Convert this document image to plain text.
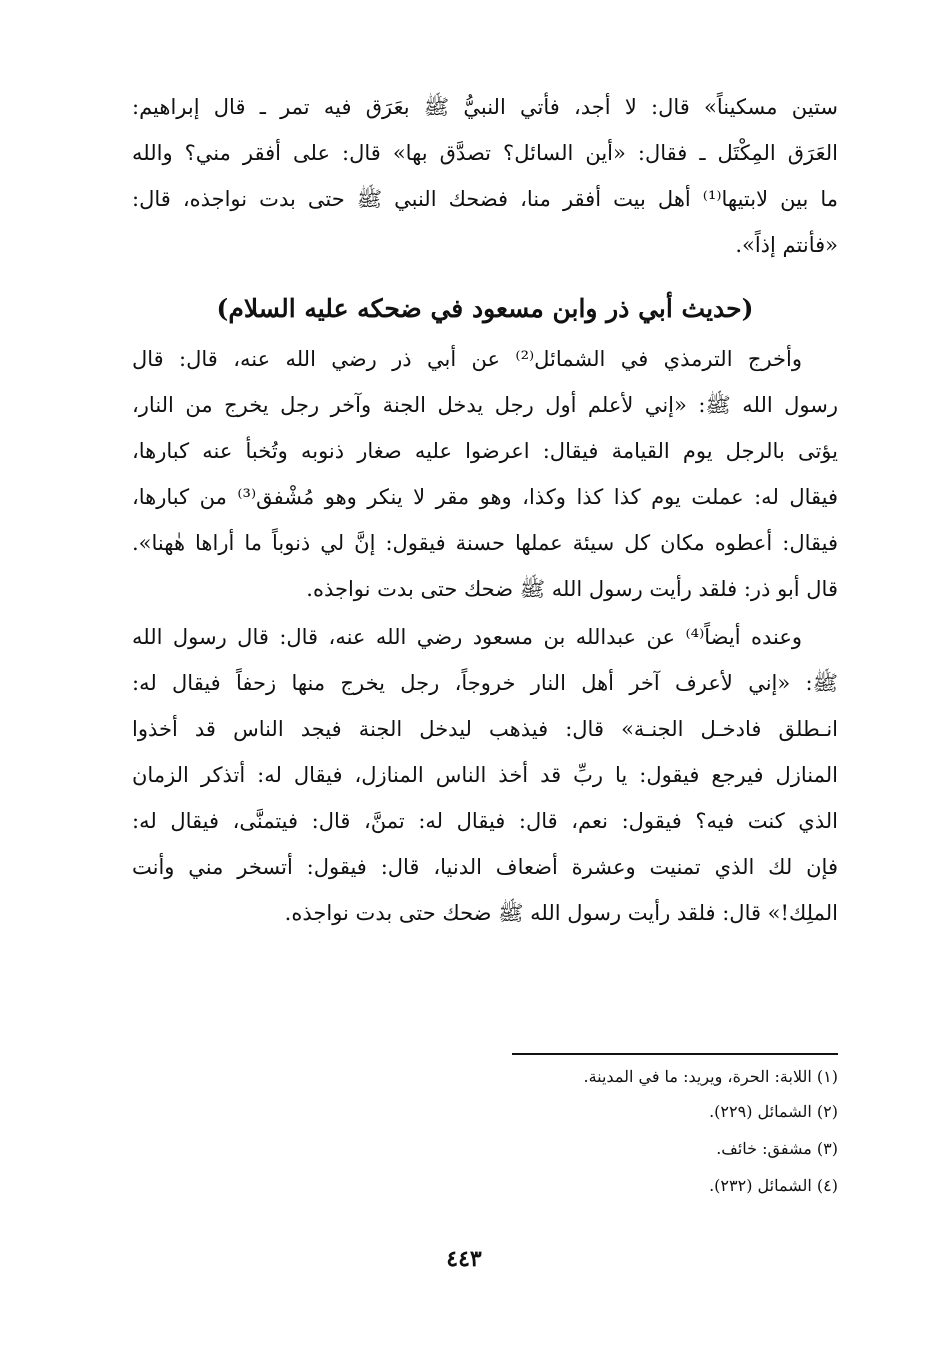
ستين مسكيناً» قال: لا أجد، فأُتي النبيُّ ﷺ بعَرَق فيه تمر ـ قال إبراهيم:
العَرَق المِكْتَل ـ فقال: «أين السائل؟ تصدَّق بها» قال: على أفقر مني؟ والله
ما بين لابتيها⁽¹⁾ أهل بيت أفقر منا، فضحك النبي ﷺ حتى بدت نواجذه، قال:
«فأنتم إذاً».
(حديث أبي ذر وابن مسعود في ضحكه عليه السلام)
وأخرج الترمذي في الشمائل⁽²⁾ عن أبي ذر رضي الله عنه، قال: قال
رسول الله ﷺ: «إني لأعلم أول رجل يدخل الجنة وآخر رجل يخرج من النار،
يؤتى بالرجل يوم القيامة فيقال: اعرضوا عليه صغار ذنوبه وتُخبأ عنه كبارها،
فيقال له: عملت يوم كذا كذا وكذا، وهو مقر لا ينكر وهو مُشْفق⁽³⁾ من كبارها،
فيقال: أعطوه مكان كل سيئة عملها حسنة فيقول: إنَّ لي ذنوباً ما أراها هٰهنا».
قال أبو ذر: فلقد رأيت رسول الله ﷺ ضحك حتى بدت نواجذه.
وعنده أيضاً⁽⁴⁾ عن عبدالله بن مسعود رضي الله عنه، قال: قال رسول الله
ﷺ: «إني لأعرف آخر أهل النار خروجاً، رجل يخرج منها زحفاً فيقال له:
انـطلق فادخـل الجنـة» قال: فيذهب ليدخل الجنة فيجد الناس قد أخذوا
المنازل فيرجع فيقول: يا ربِّ قد أخذ الناس المنازل، فيقال له: أتذكر الزمان
الذي كنت فيه؟ فيقول: نعم، قال: فيقال له: تمنَّ، قال: فيتمنَّى، فيقال له:
فإن لك الذي تمنيت وعشرة أضعاف الدنيا، قال: فيقول: أتسخر مني وأنت
الملِك!» قال: فلقد رأيت رسول الله ﷺ ضحك حتى بدت نواجذه.
(١) اللابة: الحرة، ويريد: ما في المدينة.
(٢) الشمائل (٢٢٩).
(٣) مشفق: خائف.
(٤) الشمائل (٢٣٢).
٤٤٣
